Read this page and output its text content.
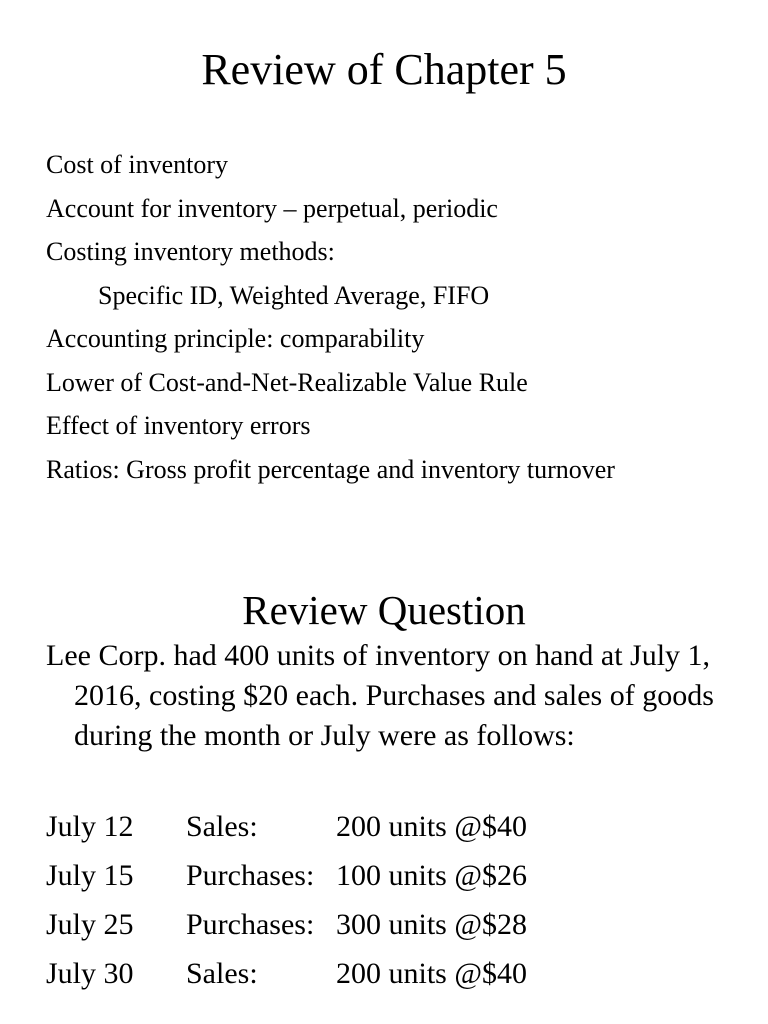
Review of Chapter 5
Cost of inventory
Account for inventory – perpetual, periodic
Costing inventory methods:
Specific ID, Weighted Average, FIFO
Accounting principle: comparability
Lower of Cost-and-Net-Realizable Value Rule
Effect of inventory errors
Ratios: Gross profit percentage and inventory turnover
Review Question

Lee Corp. had 400 units of inventory on hand at July 1, 2016, costing $20 each. Purchases and sales of goods during the month or July were as follows:

July 12	Sales:	200 units @$40
July 15	Purchases:	100 units @$26
July 25	Purchases:	300 units @$28
July 30	Sales:	200 units @$40
